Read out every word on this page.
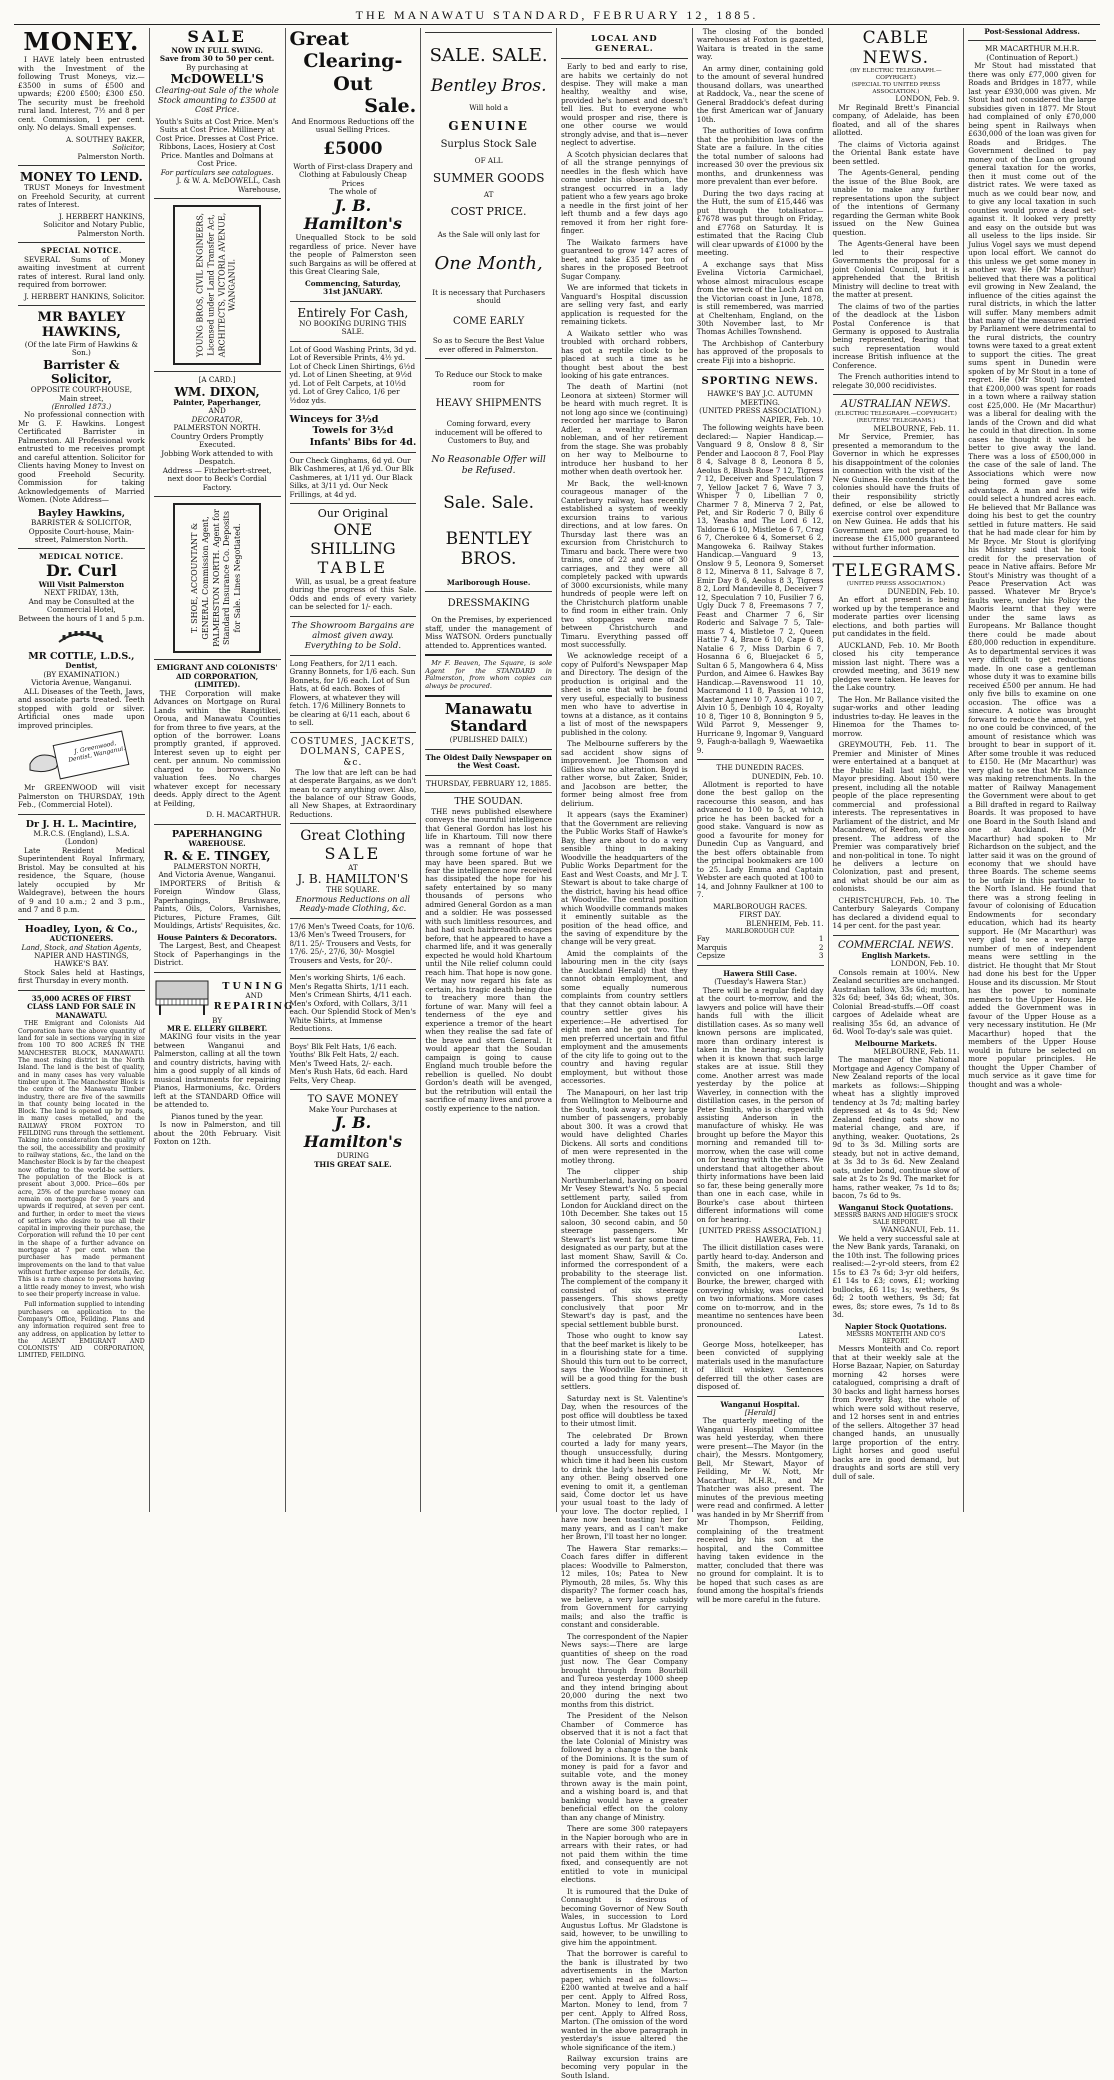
THE MANAWATU STANDARD, FEBRUARY 12, 1885.
MONEY.
I HAVE lately been entrusted with the Investment of the following Trust Moneys, viz.— £3500 in sums of £500 and upwards; £200 £500; £300 £50. The security must be freehold rural land. Interest, 7½ and 8 per cent. Commission, 1 per cent. only. No delays. Small expenses.
A. SOUTHEY BAKER,
Solicitor,
Palmerston North.
MONEY TO LEND.
TRUST Moneys for Investment on Freehold Security, at current rates of Interest.
J. HERBERT HANKINS,
Solicitor and Notary Public,
Palmerston North.
SPECIAL NOTICE.
SEVERAL Sums of Money awaiting investment at current rates of interest. Rural land only. required from borrower.
J. HERBERT HANKINS, Solicitor.
MR BAYLEY HAWKINS,
(Of the late Firm of Hawkins & Son.)
Barrister & Solicitor,
OPPOSITE COURT-HOUSE,
Main street,
(Enrolled 1873.)
No professional connection with Mr G. F. Hawkins. Longest Certificated Barrister in Palmerston. All Professional work entrusted to me receives prompt and careful attention. Solicitor for Clients having Money to Invest on good Freehold Security. Commission for taking Acknowledgements of Married Women. (Note Address—
Bayley Hawkins,
BARRISTER & SOLICITOR,
Opposite Court-house, Main-street, Palmerston North.
MEDICAL NOTICE.
Dr. Curl
Will Visit Palmerston
NEXT FRIDAY, 13th,
And may be Consulted at the
Commercial Hotel,
Between the hours of 1 and 5 p.m.
MR COTTLE, L.D.S.,
Dentist,
(BY EXAMINATION.)
Victoria Avenue, Wanganui.
ALL Diseases of the Teeth, Jaws, and associate parts treated. Teeth stopped with gold or silver. Artificial ones made upon improved principles.
J. Greenwood, Dentist, Wanganui.
Mr GREENWOOD will visit Palmerston on THURSDAY, 19th Feb., (Commercial Hotel).
Dr J. H. L. Macintire,
M.R.C.S. (England), L.S.A. (London)
Late Resident Medical Superintendent Royal Infirmary, Bristol. May be consulted at his residence, the Square, (house lately occupied by Mr Waldegrave), between the hours of 9 and 10 a.m.; 2 and 3 p.m., and 7 and 8 p.m.
Hoadley, Lyon, & Co.,
AUCTIONEERS.
Land, Stock, and Station Agents,
NAPIER AND HASTINGS, HAWKE'S BAY.
Stock Sales held at Hastings, first Thursday in every month.
35,000 ACRES OF FIRST CLASS LAND FOR SALE IN MANAWATU.
THE Emigrant and Colonists Aid Corporation have the above quantity of land for sale in sections varying in size from 100 TO 800 ACRES IN THE MANCHESTER BLOCK, MANAWATU. The most rising district in the North Island. The land is the best of quality, and in many cases has very valuable timber upon it. The Manchester Block is the centre of the Manawatu Timber industry, there are five of the sawmills in that county being located in the Block. The land is opened up by roads, in many cases metalled, and the RAILWAY FROM FOXTON TO FEILDING runs through the settlement. Taking into consideration the quality of the soil, the accessibility and proximity to railway stations, &c., the land on the Manchester Block is by far the cheapest now offering to the world-be settlers. The population of the Block is at present about 3,000. Price—60s per acre, 25% of the purchase money can remain on mortgage for 5 years and upwards if required, at seven per cent. and further, in order to meet the views of settlers who desire to use all their capital in improving their purchase, the Corporation will refund the 10 per cent in the shape of a further advance on mortgage at 7 per cent. when the purchaser has made permanent improvements on the land to that value without further expense for details, &c. This is a rare chance to persons having a little ready money to invest, who wish to see their property increase in value.
Full information supplied to intending purchasers on application to the Company's Office, Feilding. Plans and any information required sent free to any address, on application by letter to the AGENT EMIGRANT AND COLONISTS' AID CORPORATION, LIMITED, FEILDING.
SALE
NOW IN FULL SWING.
Save from 30 to 50 per cent.
By purchasing at
McDOWELL'S
Clearing-out Sale of the whole Stock amounting to £3500 at Cost Price.
Youth's Suits at Cost Price. Men's Suits at Cost Price. Millinery at Cost Price. Dresses at Cost Price. Ribbons, Laces, Hosiery at Cost Price. Mantles and Dolmans at Cost Price.
For particulars see catalogues.
J. & W. A. McDOWELL, Cash Warehouse,
YOUNG BROS, CIVIL ENGINEERS, Licensed under Land Transfer Act, ARCHITECTS, VICTORIA AVENUE, WANGANUI.
[A CARD.]
WM. DIXON,
Painter, Paperhanger,
AND
DECORATOR,
PALMERSTON NORTH.
Country Orders Promptly Executed.
Jobbing Work attended to with Despatch.
Address — Fitzherbert-street, next door to Beck's Cordial Factory.
T. SHOE, ACCOUNTANT & GENERAL Commission Agent, PALMERSTON NORTH. Agent for Standard Insurance Co. Deposits for Sale. Lines Negotiated.
EMIGRANT AND COLONISTS' AID CORPORATION, (LIMITED).
THE Corporation will make Advances on Mortgage on Rural Lands within the Rangitikei, Oroua, and Manawatu Counties for from three to five years, at the option of the borrower. Loans promptly granted, if approved. Interest seven up to eight per cent. per annum. No commission charged to borrowers. No valuation fees. No charges whatever except for necessary deeds. Apply direct to the Agent at Feilding,
D. H. MACARTHUR.
PAPERHANGING
WAREHOUSE.
R. & E. TINGEY,
PALMERSTON NORTH,
And Victoria Avenue, Wanganui.
IMPORTERS of British & Foreign Window Glass, Paperhangings, Brushware, Paints, Oils, Colors, Varnishes, Pictures, Picture Frames, Gilt Mouldings, Artists' Requisites, &c.
House Painters & Decorators.
The Largest, Best, and Cheapest Stock of Paperhangings in the District.
TUNING
AND
REPAIRING
BY
MR E. ELLERY GILBERT.
MAKING four visits in the year between Wanganui and Palmerston, calling at all the town and country districts, having with him a good supply of all kinds of musical instruments for repairing Pianos, Harmoniums, &c. Orders left at the STANDARD Office will be attended to.
Pianos tuned by the year.
Is now in Palmerston, and till about the 20th February. Visit Foxton on 12th.
Great
Clearing-Out
Sale.
And Enormous Reductions off the usual Selling Prices.
£5000
Worth of First-class Drapery and Clothing at Fabulously Cheap Prices
The whole of
J. B. Hamilton's
Unequalled Stock to be sold regardless of price. Never have the people of Palmerston seen such Bargains as will be offered at this Great Clearing Sale,
Commencing, Saturday,
31st JANUARY.
Entirely For Cash,
NO BOOKING DURING THIS SALE.
Lot of Good Washing Prints, 3d yd. Lot of Reversible Prints, 4½ yd. Lot of Check Linen Shirtings, 6½d yd. Lot of Linen Sheeting, at 9½d yd. Lot of Felt Carpets, at 10½d yd. Lot of Grey Calico, 1/6 per ½doz yds.
Winceys for 3½d
Towels for 3½d
Infants' Bibs for 4d.
Our Check Ginghams, 6d yd. Our Blk Cashmeres, at 1/6 yd. Our Blk Cashmeres, at 1/11 yd. Our Black Silks, at 3/11 yd. Our Neck Frillings, at 4d yd.
Our Original
ONE SHILLING
TABLE
Will, as usual, be a great feature during the progress of this Sale. Odds and ends of every variety can be selected for 1/- each.
The Showroom Bargains are almost given away. Everything to be Sold.
Long Feathers, for 2/11 each. Granny Bonnets, for 1/6 each. Sun Bonnets, for 1/6 each. Lot of Sun Hats, at 6d each. Boxes of Flowers, at whatever they will fetch. 17/6 Millinery Bonnets to be clearing at 6/11 each, about 6 to sell.
COSTUMES, JACKETS, DOLMANS, CAPES, &c.
The low that are left can be had at desperate Bargains, as we don't mean to carry anything over. Also, the balance of our Straw Goods, all New Shapes, at Extraordinary Reductions.
Great Clothing
SALE
AT
J. B. HAMILTON'S
THE SQUARE.
Enormous Reductions on all Ready-made Clothing, &c.
17/6 Men's Tweed Coats, for 10/6. 13/6 Men's Tweed Trousers, for 8/11. 25/- Trousers and Vests, for 17/6. 25/-, 27/6, 30/- Mosgiel Trousers and Vests, for 20/-.
Men's working Shirts, 1/6 each. Men's Regatta Shirts, 1/11 each. Men's Crimean Shirts, 4/11 each. Men's Oxford, with Collars, 3/11 each. Our Splendid Stock of Men's White Shirts, at Immense Reductions.
Boys' Blk Felt Hats, 1/6 each. Youths' Blk Felt Hats, 2/ each. Men's Tweed Hats, 2/- each. Men's Rush Hats, 6d each. Hard Felts, Very Cheap.
TO SAVE MONEY
Make Your Purchases at
J. B. Hamilton's
DURING
THIS GREAT SALE.
SALE. SALE.
Bentley Bros.
Will hold a
GENUINE
Surplus Stock Sale
OF ALL
SUMMER GOODS
AT
COST PRICE.
As the Sale will only last for
One Month,
It is necessary that Purchasers should
COME EARLY
So as to Secure the Best Value ever offered in Palmerston.
To Reduce our Stock to make room for
HEAVY SHIPMENTS
Coming forward, every inducement will be offered to Customers to Buy, and
No Reasonable Offer will be Refused.
Sale. Sale.
BENTLEY BROS.
Marlborough House.
DRESSMAKING
On the Premises, by experienced staff, under the management of Miss WATSON. Orders punctually attended to. Apprentices wanted.
Mr F. Beaven, The Square, is sole Agent for the STANDARD in Palmerston, from whom copies can always be procured.
Manawatu Standard
(PUBLISHED DAILY.)
The Oldest Daily Newspaper on the West Coast.
THURSDAY, FEBRUARY 12, 1885.
THE SOUDAN.
THE news published elsewhere conveys the mournful intelligence that General Gordon has lost his life in Khartoum. Till now there was a remnant of hope that through some fortune of war he may have been spared. But we fear the intelligence now received has dissipated the hope for his safety entertained by so many thousands of persons who admired General Gordon as a man and a soldier. He was possessed with such limitless resources, and had had such hairbreadth escapes before, that he appeared to have a charmed life, and it was generally expected he would hold Khartoum until the Nile relief column could reach him. That hope is now gone. We may now regard his fate as certain, his tragic death being due to treachery more than the fortune of war. Many will feel a tenderness of the eye and experience a tremor of the heart when they realise the sad fate of the brave and stern General. It would appear that the Soudan campaign is going to cause England much trouble before the rebellion is quelled. No doubt Gordon's death will be avenged, but the retribution will entail the sacrifice of many lives and prove a costly experience to the nation.
LOCAL AND GENERAL.

Early to bed and early to rise, are habits we certainly do not despise. They will make a man healthy, wealthy and wise, provided he's honest and doesn't tell lies. But to everyone who would prosper and rise, there is one other course we would strongly advise, and that is—never neglect to advertise.

A Scotch physician declares that of all the strange pennyings of needles in the flesh which have come under his observation, the strangest occurred in a lady patient who a few years ago broke a needle in the first joint of her left thumb and a few days ago removed it from her right fore-finger.

The Waikato farmers have guaranteed to grow 147 acres of beet, and take £35 per ton of shares in the proposed Beetroot Sugar Company.

We are informed that tickets in Vanguard's Hospital discussion are selling very fast, and early application is requested for the remaining tickets.

A Waikato settler who was troubled with orchard robbers, has got a reptile clock to be placed at such a time as he thought best about the best looking of his gate entrances.

The death of Martini (not Leonora at sixteen) Stormer will be heard with much regret. It is not long ago since we (continuing) recorded her marriage to Baron Adler, a wealthy German nobleman, and of her retirement from the stage. She was probably on her way to Melbourne to introduce her husband to her mother when death overtook her.

Mr Back, the well-known courageous manager of the Canterbury railway, has recently established a system of weekly excursion trains to various directions, and at low fares. On Thursday last there was an excursion from Christchurch to Timaru and back. There were two trains, one of 22 and one of 30 carriages, and they were all completely packed with upwards of 3000 excursionists, while many hundreds of people were left on the Christchurch platform unable to find room in either train. Only two stoppages were made between Christchurch and Timaru. Everything passed off most successfully.

We acknowledge receipt of a copy of Pulford's Newspaper Map and Directory. The design of the production is original and the sheet is one that will be found very useful, especially to business men who have to advertise in towns at a distance, as it contains a list of most of the newspapers published in the colony.

The Melbourne sufferers by the sad accident show signs of improvement. Joe Thomson and Gillies show no alteration. Boyd is rather worse, but Zaker, Snider, and Jacobson are better, the former being almost free from delirium.

It appears (says the Examiner) that the Government are relieving the Public Works Staff of Hawke's Bay, they are about to do a very sensible thing in making Woodville the headquarters of the Public Works Department for the East and West Coasts, and Mr J. T. Stewart is about to take charge of the district, having his head office at Woodville. The central position which Woodville commands makes it eminently suitable as the position of the head office, and the saving of expenditure by the change will be very great.

Amid the complaints of the labouring men in the city (says the Auckland Herald) that they cannot obtain employment, and some equally numerous complaints from country settlers that they cannot obtain labour. A country settler gives his experience:—He advertised for eight men and he got two. The men preferred uncertain and fitful employment and the amusements of the city life to going out to the country and having regular employment, but without those accessories.

The Manapouri, on her last trip from Wellington to Melbourne and the South, took away a very large number of passengers, probably about 300. It was a crowd that would have delighted Charles Dickens. All sorts and conditions of men were represented in the motley throng.

The clipper ship Northumberland, having on board Mr Vesey Stewart's No. 5 special settlement party, sailed from London for Auckland direct on the 10th December. She takes out 15 saloon, 30 second cabin, and 50 steerage passengers. Mr Stewart's list went far some time designated as our party, but at the last moment Shaw, Savill & Co. informed the correspondent of a probability to the steerage list. The complement of the company it consisted of six steerage passengers. This shows pretty conclusively that poor Mr Stewart's day is past, and the special settlement bubble burst.

Those who ought to know say that the beef market is likely to be in a flourishing state for a time. Should this turn out to be correct, says the Woodville Examiner, it will be a good thing for the bush settlers.

Saturday next is St. Valentine's Day, when the resources of the post office will doubtless be taxed to their utmost limit.

The celebrated Dr Brown courted a lady for many years, though unsuccessfully, during which time it had been his custom to drink the lady's health before any other. Being observed one evening to omit it, a gentleman said, Come doctor let us have your usual toast to the lady of your love. The doctor replied, I have now been toasting her for many years, and as I can't make her Brown, I'll toast her no longer.

The Hawera Star remarks:—Coach fares differ in different places: Woodville to Palmerston, 12 miles, 10s; Patea to New Plymouth, 28 miles, 5s. Why this disparity? The former coach has, we believe, a very large subsidy from Government for carrying mails; and also the traffic is constant and considerable.

The correspondent of the Napier News says:—There are large quantities of sheep on the road just now. The Gear Company brought through from Bourbill and Tureoa yesterday 1000 sheep and they intend bringing about 20,000 during the next two months from this district.

The President of the Nelson Chamber of Commerce has observed that it is not a fact that the late Colonial of Ministry was followed by a change to the bank of the Dominions. It is the sum of money is paid for a favor and suitable vote, and the money thrown away is the main point, and a wishing board is, and that banking would have a greater beneficial effect on the colony than any change of Ministry.

There are some 300 ratepayers in the Napier borough who are in arrears with their rates, or had not paid them within the time fixed, and consequently are not entitled to vote in municipal elections.

It is rumoured that the Duke of Connaught is desirous of becoming Governor of New South Wales, in succession to Lord Augustus Loftus. Mr Gladstone is said, however, to be unwilling to give him the appointment.

That the borrower is careful to the bank is illustrated by two advertisements in the Marton paper, which read as follows:—£200 wanted at twelve and a half per cent. Apply to Alfred Ross, Marton. Money to lend, from 7 per cent. Apply to Alfred Ross, Marton. (The omission of the word wanted in the above paragraph in yesterday's issue altered the whole significance of the item.)

Railway excursion trains are becoming very popular in the South Island.

The closing of the bonded warehouses at Foxton is gazetted, Waitara is treated in the same way.

An army diner, containing gold to the amount of several hundred thousand dollars, was unearthed at Raddock, Va., near the scene of General Braddock's defeat during the first American war of January 10th.

The authorities of Iowa confirm that the prohibition laws of the State are a failure. In the cities the total number of saloons had increased 30 over the previous six months, and drunkenness was more prevalent than ever before.

During the two days racing at the Hutt, the sum of £15,446 was put through the totalisator—£7678 was put through on Friday, and £7768 on Saturday. It is estimated that the Racing Club will clear upwards of £1000 by the meeting.

A exchange says that Miss Evelina Victoria Carmichael, whose almost miraculous escape from the wreck of the Loch Ard on the Victorian coast in June, 1878, is still remembered, was married at Cheltenham, England, on the 30th November last, to Mr Thomas Achilles Townshend.

The Archbishop of Canterbury has approved of the proposals to create Fiji into a bishopric.

SPORTING NEWS.
HAWKE'S BAY J.C. AUTUMN MEETING.
(UNITED PRESS ASSOCIATION.)
NAPIER, Feb. 10.

The following weights have been declared:— Napier Handicap.—Vanguard 9 8, Onslow 8 8, Sir Pender and Laocoon 8 7, Fool Play 8 4, Salvage 8 8, Leonora 8 5, Aeolus 8, Blush Rose 7 12, Tigress 7 12, Deceiver and Speculation 7 7, Yellow Jacket 7 6, Wave 7 3, Whisper 7 0, Libellian 7 0, Charmer 7 8, Minerva 7 2, Pat, Pet, and Sir Roderic 7 0, Billy 6 13, Yeasha and The Lord 6 12, Taldorne 6 10, Mistletoe 6 7, Crag 6 7, Cherokee 6 4, Somerset 6 2, Mangoweka 6. Railway Stakes Handicap.—Vanguard 9 13, Onslow 9 5, Leonora 9, Somerset 8 12, Minerva 8 11, Salvage 8 7, Emir Day 8 6, Aeolus 8 3, Tigress 8 2, Lord Mandeville 8, Deceiver 7 12, Speculation 7 10, Fusilier 7 6, Ugly Duck 7 8, Freemasons 7 7, Feast and Charmer 7 6, Sir Roderic and Salvage 7 5, Tale-mass 7 4, Mistletoe 7 2, Queen Hattie 7 4, Brace 6 10, Cape 6 8, Natalie 6 7, Miss Darbin 6 7, Hosanna 6 6, Bluejacket 6 5, Sultan 6 5, Mangowhera 6 4, Miss Purdon, and Aimee 6. Hawkes Bay Handicap.—Ravenswood 11 10, Macramond 11 8, Passion 10 12, Master Agnew 10 7, Assegai 10 7, Alvin 10 5, Denbigh 10 4, Royalty 10 8, Tiger 10 8, Bonnington 9 5, Wild Parrot 9, Messenger 9, Hurricane 9, Ingomar 9, Vanguard 9, Faugh-a-ballagh 9, Waewaetika 9.

THE DUNEDIN RACES.
DUNEDIN, Feb. 10.

Allotment is reported to have done the best gallop on the racecourse this season, and has advanced to 100 to 5, at which price he has been backed for a good stake. Vanguard is now as good a favourite for money for Dunedin Cup as Vanguard, and the best offers obtainable from the principal bookmakers are 100 to 25. Lady Emma and Captain Webster are each quoted at 100 to 14, and Johnny Faulkner at 100 to 7.

MARLBOROUGH RACES.
FIRST DAY.
BLENHEIM, Feb. 11.
MARLBOROUGH CUP.
Fay	1
Marquis	2
Cepsize	3
Hawera Still Case.
(Tuesday's Hawera Star.)

There will be a regular field day at the court to-morrow, and the lawyers and police will have their hands full with the illicit distillation cases. As so many well known persons are implicated, more than ordinary interest is taken in the hearing, especially when it is known that such large stakes are at issue. Still they come. Another arrest was made yesterday by the police at Waverley, in connection with the distillation cases, in the person of Peter Smith, who is charged with assisting Anderson in the manufacture of whisky. He was brought up before the Mayor this morning and remanded till to-morrow, when the case will come on for hearing with the others. We understand that altogether about thirty informations have been laid so far, these being generally more than one in each case, while in Bourke's case about thirteen different informations will come on for hearing.

[UNITED PRESS ASSOCIATION.]
HAWERA, Feb. 11.

The illicit distillation cases were partly heard to-day. Anderson and Smith, the makers, were each convicted on one information. Bourke, the brewer, charged with conveying whisky, was convicted on two informations. More cases come on to-morrow, and in the meantime no sentences have been pronounced.

Latest.

George Moss, hotelkeeper, has been convicted of supplying materials used in the manufacture of illicit whiskey. Sentences deferred till the other cases are disposed of.

Wanganui Hospital.
[Herald]

The quarterly meeting of the Wanganui Hospital Committee was held yesterday, when there were present—The Mayor (in the chair), the Messrs. Montgomery, Bell, Mr Stewart, Mayor of Feilding, Mr W. Nott, Mr Macarthur, M.H.R., and Mr Thatcher was also present. The minutes of the previous meeting were read and confirmed. A letter was handed in by Mr Sherriff from Mr Thompson, Feilding, complaining of the treatment received by his son at the hospital, and the Committee having taken evidence in the matter, concluded that there was no ground for complaint. It is to be hoped that such cases as are found among the hospital's friends will be more careful in the future.

CABLE NEWS.
(BY ELECTRIC TELEGRAPH.—COPYRIGHT.)
(SPECIAL TO UNITED PRESS ASSOCIATION.)
LONDON, Feb. 9.

Mr Reginald Brett's Financial company, of Adelaide, has been floated, and all of the shares allotted.

The claims of Victoria against the Oriental Bank estate have been settled.

The Agents-General, pending the issue of the Blue Book, are unable to make any further representations upon the subject of the intentions of Germany regarding the German white Book issued on the New Guinea question.

The Agents-General have been led to their respective Governments the proposal for a joint Colonial Council, but it is apprehended that the British Ministry will decline to treat with the matter at present.

The claims of two of the parties of the deadlock at the Lisbon Postal Conference is that Germany is opposed to Australia being represented, fearing that such representation would increase British influence at the Conference.

The French authorities intend to relegate 30,000 recidivistes.

AUSTRALIAN NEWS.
(ELECTRIC TELEGRAPH.—COPYRIGHT.)
(REUTERS' TELEGRAMS.)
MELBOURNE, Feb. 11.

Mr Service, Premier, has presented a memorandum to the Governor in which he expresses his disappointment of the colonies in connection with the visit of the New Guinea. He contends that the colonies should have the fruits of their responsibility strictly defined, or else be allowed to exercise control over expenditure on New Guinea. He adds that his Government are not prepared to increase the £15,000 guaranteed without further information.

TELEGRAMS.
(UNITED PRESS ASSOCIATION.)
DUNEDIN, Feb. 10.

An effort at present is being worked up by the temperance and moderate parties over licensing elections, and both parties will put candidates in the field.

AUCKLAND, Feb. 10. Mr Booth closed his city temperance mission last night. There was a crowded meeting, and 3619 new pledges were taken. He leaves for the Lake country.

The Hon. Mr Ballance visited the sugar-works and other leading industries to-day. He leaves in the Hinemoa for the Thames to-morrow.

GREYMOUTH, Feb. 11. The Premier and Minister of Mines were entertained at a banquet at the Public Hall last night, the Mayor presiding. About 150 were present, including all the notable people of the place representing commercial and professional interests. The representatives in Parliament of the district, and Mr Macandrew, of Reefton, were also present. The address of the Premier was comparatively brief and non-political in tone. To night he delivers a lecture on Colonization, past and present, and what should be our aim as colonists.

CHRISTCHURCH, Feb. 10. The Canterbury Saleyards Company has declared a dividend equal to 14 per cent. for the past year.

COMMERCIAL NEWS.
English Markets.
LONDON, Feb. 10.

Consols remain at 100¼. New Zealand securities are unchanged. Australian tallow, 33s 6d; mutton, 32s 6d; beef, 34s 6d; wheat, 30s. Colonial Bread-stuffs.—Off coast cargoes of Adelaide wheat are realising 35s 6d, an advance of 6d. Wool To-day's sale was quiet.

Melbourne Markets.
MELBOURNE, Feb. 11.

The manager of the National Mortgage and Agency Company of New Zealand reports of the local markets as follows:—Shipping wheat has a slightly improved tendency at 3s 7d; malting barley depressed at 4s to 4s 9d; New Zealand feeding oats show no material change, and are, if anything, weaker. Quotations, 2s 9d to 3s 3d. Milling sorts are steady, but not in active demand, at 3s 3d to 3s 6d. New Zealand oats, under bond, continue slow of sale at 2s to 2s 9d. The market for hams, rather weaker, 7s 1d to 8s; bacon, 7s 6d to 9s.

Wanganui Stock Quotations.
MESSRS BARNS AND HIGGIE'S STOCK SALE REPORT.
WANGANUI, Feb. 11.

We held a very successful sale at the New Bank yards, Taranaki, on the 10th inst. The following prices realised:—2-yr-old steers, from £2 15s to £3 7s 6d; 3-yr old heifers, £1 14s to £3; cows, £1; working bullocks, £6 11s; 1s; wethers, 9s 6d; 2 tooth wethers, 9s 3d; fat ewes, 8s; store ewes, 7s 1d to 8s 3d.

Napier Stock Quotations.
MESSRS MONTEITH AND CO'S REPORT.

Messrs Monteith and Co. report that at their weekly sale at the Horse Bazaar, Napier, on Saturday morning 42 horses were catalogued, comprising a draft of 30 backs and light harness horses from Poverty Bay, the whole of which were sold without reserve, and 12 horses sent in and entries of the sellers. Altogether 37 head changed hands, an unusually large proportion of the entry. Light horses and good useful backs are in good demand, but draughts and sorts are still very dull of sale.

Post-Sessional Address.
MR MACARTHUR M.H.R.
(Continuation of Report.)

Mr Stout had misstated that there was only £77,000 given for Roads and Bridges in 1877, while last year £930,000 was given. Mr Stout had not considered the large subsidies given in 1877. Mr Stout had complained of only £70,000 being spent in Railways when £630,000 of the loan was given for Roads and Bridges. The Government declined to pay money out of the Loan on ground general taxation for the works, then it must come out of the district rates. We were taxed as much as we could bear now, and to give any local taxation in such counties would prove a dead set-against it. It looked very pretty and easy on the outside but was all useless to the lips inside. Sir Julius Vogel says we must depend upon local effort. We cannot do this unless we get some money in another way. He (Mr Macarthur) believed that there was a political evil growing in New Zealand, the influence of the cities against the rural districts, in which the latter will suffer. Many members admit that many of the measures carried by Parliament were detrimental to the rural districts, the country towns were taxed to a great extent to support the cities. The great sums spent in Dunedin were spoken of by Mr Stout in a tone of regret. He (Mr Stout) lamented that £200,000 was spent for roads in a town where a railway station cost £25,000. He (Mr Macarthur) was a liberal for dealing with the lands of the Crown and did what he could in that direction. In some cases he thought it would be better to give away the land. There was a loss of £500,000 in the case of the sale of land. The Associations which were now being formed gave some advantage. A man and his wife could select a hundred acres each. He believed that Mr Ballance was doing his best to get the country settled in future matters. He said that he had made clear for him by Mr Bryce. Mr Stout is glorifying his Ministry said that he took credit for the preservation of peace in Native affairs. Before Mr Stout's Ministry was thought of a Peace Preservation Act was passed. Whatever Mr Bryce's faults were, under his Policy the Maoris learnt that they were under the same laws as Europeans. Mr Ballance thought there could be made about £80,000 reduction in expenditure. As to departmental services it was very difficult to get reductions made. In one case a gentleman whose duty it was to examine bills received £500 per annum. He had only five bills to examine on one occasion. The office was a sinecure. A notice was brought forward to reduce the amount, yet no one could be convinced, of the amount of resistance which was brought to bear in support of it. After some trouble it was reduced to £150. He (Mr Macarthur) was very glad to see that Mr Ballance was making retrenchments. In the matter of Railway Management the Government were about to get a Bill drafted in regard to Railway Boards. It was proposed to have one Board in the South Island and one at Auckland. He (Mr Macarthur) had spoken to Mr Richardson on the subject, and the latter said it was on the ground of economy that we should have three Boards. The scheme seems to be unfair in this particular to the North Island. He found that there was a strong feeling in favour of colonising of Education Endowments for secondary education, which had its hearty support. He (Mr Macarthur) was very glad to see a very large number of men of independent means were settling in the district. He thought that Mr Stout had done his best for the Upper House and its discussion. Mr Stout has the power to nominate members to the Upper House. He added the Government was in favour of the Upper House as a very necessary institution. He (Mr Macarthur) hoped that the members of the Upper House would in future be selected on more popular principles. He thought the Upper Chamber of much service as it gave time for thought and was a whole-
